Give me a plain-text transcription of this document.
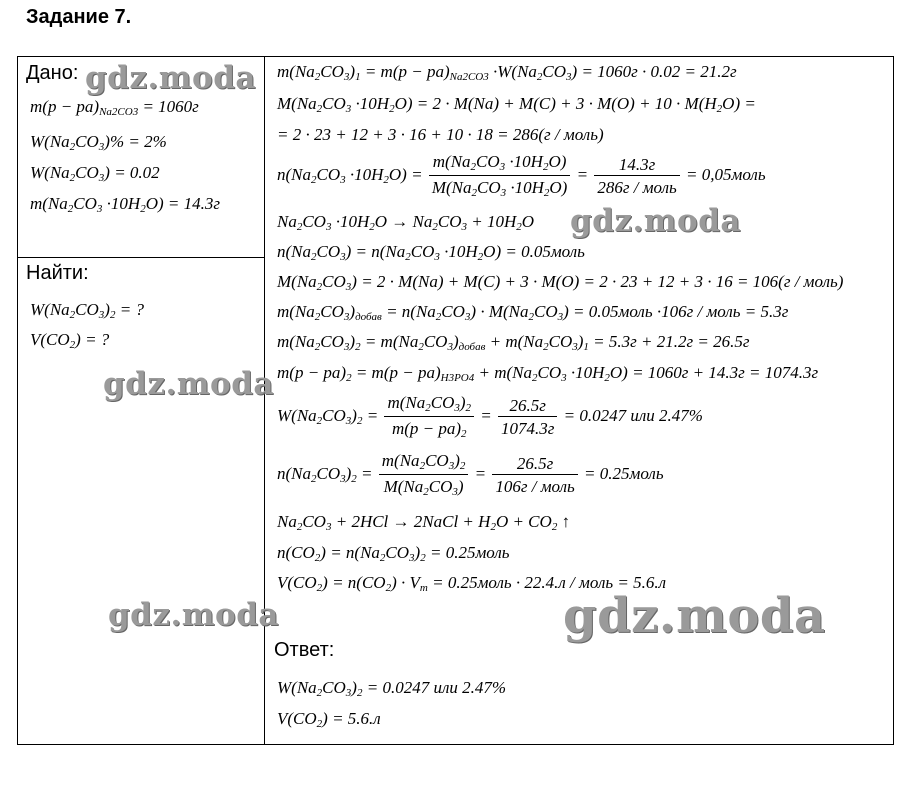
Задание 7.
Дано:
$m(p - pa)_{Na2CO3} = 1060г$
$W(Na_2CO_3)\% = 2\%$
$W(Na_2CO_3) = 0.02$
$m(Na_2CO_3 \cdot 10H_2O) = 14.3г$
Найти:
$W(Na_2CO_3)_2$ = ?
$V(CO_2)$ = ?
$m(Na_2CO_3)_1 = m(p - pa)_{Na2CO3} \cdot W(Na_2CO_3) = 1060г \cdot 0.02 = 21.2г$
$M(Na_2CO_3 \cdot 10H_2O) = 2 \cdot M(Na) + M(C) + 3 \cdot M(O) + 10 \cdot M(H_2O)$ =
= 2 · 23 + 12 + 3 · 16 + 10 · 18 = 286(г / моль)
$n(Na_2CO_3 \cdot 10H_2O) = \frac{m(Na_2CO_3 \cdot 10H_2O)}{M(Na_2CO_3 \cdot 10H_2O)} = \frac{14.3г}{\text{286г / моль}}$ = 0,05моль
$Na_2CO_3 \cdot 10H_2O \to Na_2CO_3 + 10H_2O$
$n(Na_2CO_3) = n(Na_2CO_3 \cdot 10H_2O)$ = 0.05моль
$M(Na_2CO_3) = 2 \cdot M(Na) + M(C) + 3 \cdot M(O) = 2 \cdot 23 + 12 + 3 \cdot 16 = 106(г$ / моль)
$m(Na_2CO_3)_{добав} = n(Na_2CO_3) \cdot M(Na_2CO_3)$ = 0.05моль ·106г / моль = 5.3г
$m(Na_2CO_3)_2 = m(Na_2CO_3)_{добав} + m(Na_2CO_3)_1 = 5.3г + 21.2г = 26.5г$
$m(p - pa)_2 = m(p - pa)_{H3PO4} + m(Na_2CO_3 \cdot 10H_2O) = 1060г + 14.3г = 1074.3г$
$W(Na_2CO_3)_2 = \frac{m(Na_2CO_3)_2}{m(p - pa)_2} = \frac{26.5г}{1074.3г} = 0.0247$ или 2.47%
$n(Na_2CO_3)_2 = \frac{m(Na_2CO_3)_2}{M(Na_2CO_3)} = \frac{26.5г}{\text{106г / моль}}$ = 0.25моль
$Na_2CO_3 + 2HCl$ → 2NaCl + $H_2O + CO_2$ ↑
$n(CO_2) = n(Na_2CO_3)_2$ = 0.25моль
$V(CO_2) = n(CO_2) \cdot V_m$ = 0.25моль · 22.4.л / моль = 5.6.л
Ответ:
$W(Na_2CO_3)_2 = 0.0247$ или 2.47%
$V(CO_2) = 5.6.л$
gdz.moda
gdz.moda
gdz.moda
gdz.moda	gdz.moda
